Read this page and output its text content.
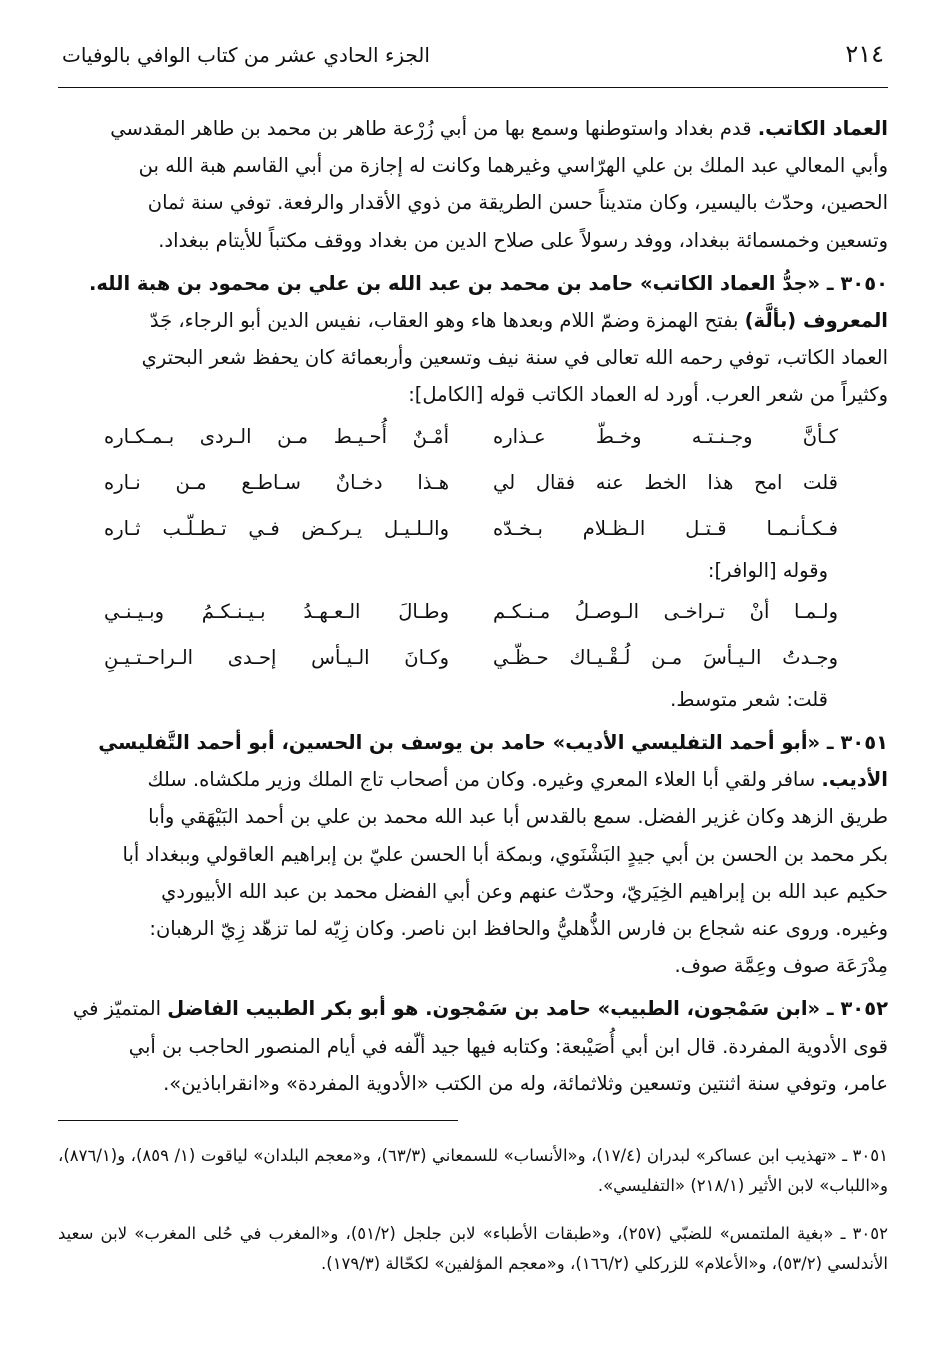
٢١٤
الجزء الحادي عشر من كتاب الوافي بالوفيات

العماد الكاتب. قدم بغداد واستوطنها وسمع بها من أبي زُرْعة طاهر بن محمد بن طاهر المقدسي

وأبي المعالي عبد الملك بن علي الهرّاسي وغيرهما وكانت له إجازة من أبي القاسم هبة الله بن

الحصين، وحدّث باليسير، وكان متديناً حسن الطريقة من ذوي الأقدار والرفعة. توفي سنة ثمان

وتسعين وخمسمائة ببغداد، ووفد رسولاً على صلاح الدين من بغداد ووقف مكتباً للأيتام ببغداد.

٣٠٥٠ ـ «جدُّ العماد الكاتب» حامد بن محمد بن عبد الله بن علي بن محمود بن هبة الله.

المعروف (بألَّة) بفتح الهمزة وضمّ اللام وبعدها هاء وهو العقاب، نفيس الدين أبو الرجاء، جَدّ

العماد الكاتب، توفي رحمه الله تعالى في سنة نيف وتسعين وأربعمائة كان يحفظ شعر البحتري

وكثيراً من شعر العرب. أورد له العماد الكاتب قوله [الكامل]:

كـأنَّ وجـنـتـه وخـطّ عـذاره
أمْـنٌ أُحـيـط مـن الـردى بـمـكـاره
قلت امح هذا الخط عنه فقال لي
هـذا دخـانٌ سـاطـع مـن نـاره
فـكـأنـمـا قـتـل الـظـلام بـخـدّه
والـلـيـل يـركـض فـي تـطـلّـب ثـاره

وقوله [الوافر]:

ولـمـا أنْ تـراخـى الـوصـلُ مـنـكـم
وطـالَ الـعـهـدُ بـيـنـكـمُ وبـيـنـي
وجـدتُ الـيـأسَ مـن لُـقْـيـاك حـظّـي
وكـانَ الـيـأس إحـدى الـراحـتـيـنِ

قلت: شعر متوسط.

٣٠٥١ ـ «أبو أحمد التفليسي الأديب» حامد بن يوسف بن الحسين، أبو أحمد التَّفليسي

الأديب. سافر ولقي أبا العلاء المعري وغيره. وكان من أصحاب تاج الملك وزير ملكشاه. سلك

طريق الزهد وكان غزير الفضل. سمع بالقدس أبا عبد الله محمد بن علي بن أحمد البَيْهَقي وأبا

بكر محمد بن الحسن بن أبي جيدٍ البَشْنَوي، وبمكة أبا الحسن عليّ بن إبراهيم العاقولي وببغداد أبا

حكيم عبد الله بن إبراهيم الخِيَريّ، وحدّث عنهم وعن أبي الفضل محمد بن عبد الله الأبيوردي

وغيره. وروى عنه شجاع بن فارس الذُّهليُّ والحافظ ابن ناصر. وكان زِيّه لما تزهّد زِيّ الرهبان:

مِدْرَعَة صوف وعِمَّة صوف.

٣٠٥٢ ـ «ابن سَمْجون، الطبيب» حامد بن سَمْجون. هو أبو بكر الطبيب الفاضل المتميّز في

قوى الأدوية المفردة. قال ابن أبي أُصَيْبعة: وكتابه فيها جيد ألّفه في أيام المنصور الحاجب بن أبي

عامر، وتوفي سنة اثنتين وتسعين وثلاثمائة، وله من الكتب «الأدوية المفردة» و«انقراباذين».

٣٠٥١ ـ «تهذيب ابن عساكر» لبدران (١٧/٤)، و«الأنساب» للسمعاني (٦٣/٣)، و«معجم البلدان» لياقوت (١/ ٨٥٩)، و(٨٧٦/١)، و«اللباب» لابن الأثير (٢١٨/١) «التفليسي».

٣٠٥٢ ـ «بغية الملتمس» للضبّي (٢٥٧)، و«طبقات الأطباء» لابن جلجل (٥١/٢)، و«المغرب في حُلى المغرب» لابن سعيد الأندلسي (٥٣/٢)، و«الأعلام» للزركلي (١٦٦/٢)، و«معجم المؤلفين» لكحّالة (١٧٩/٣).
